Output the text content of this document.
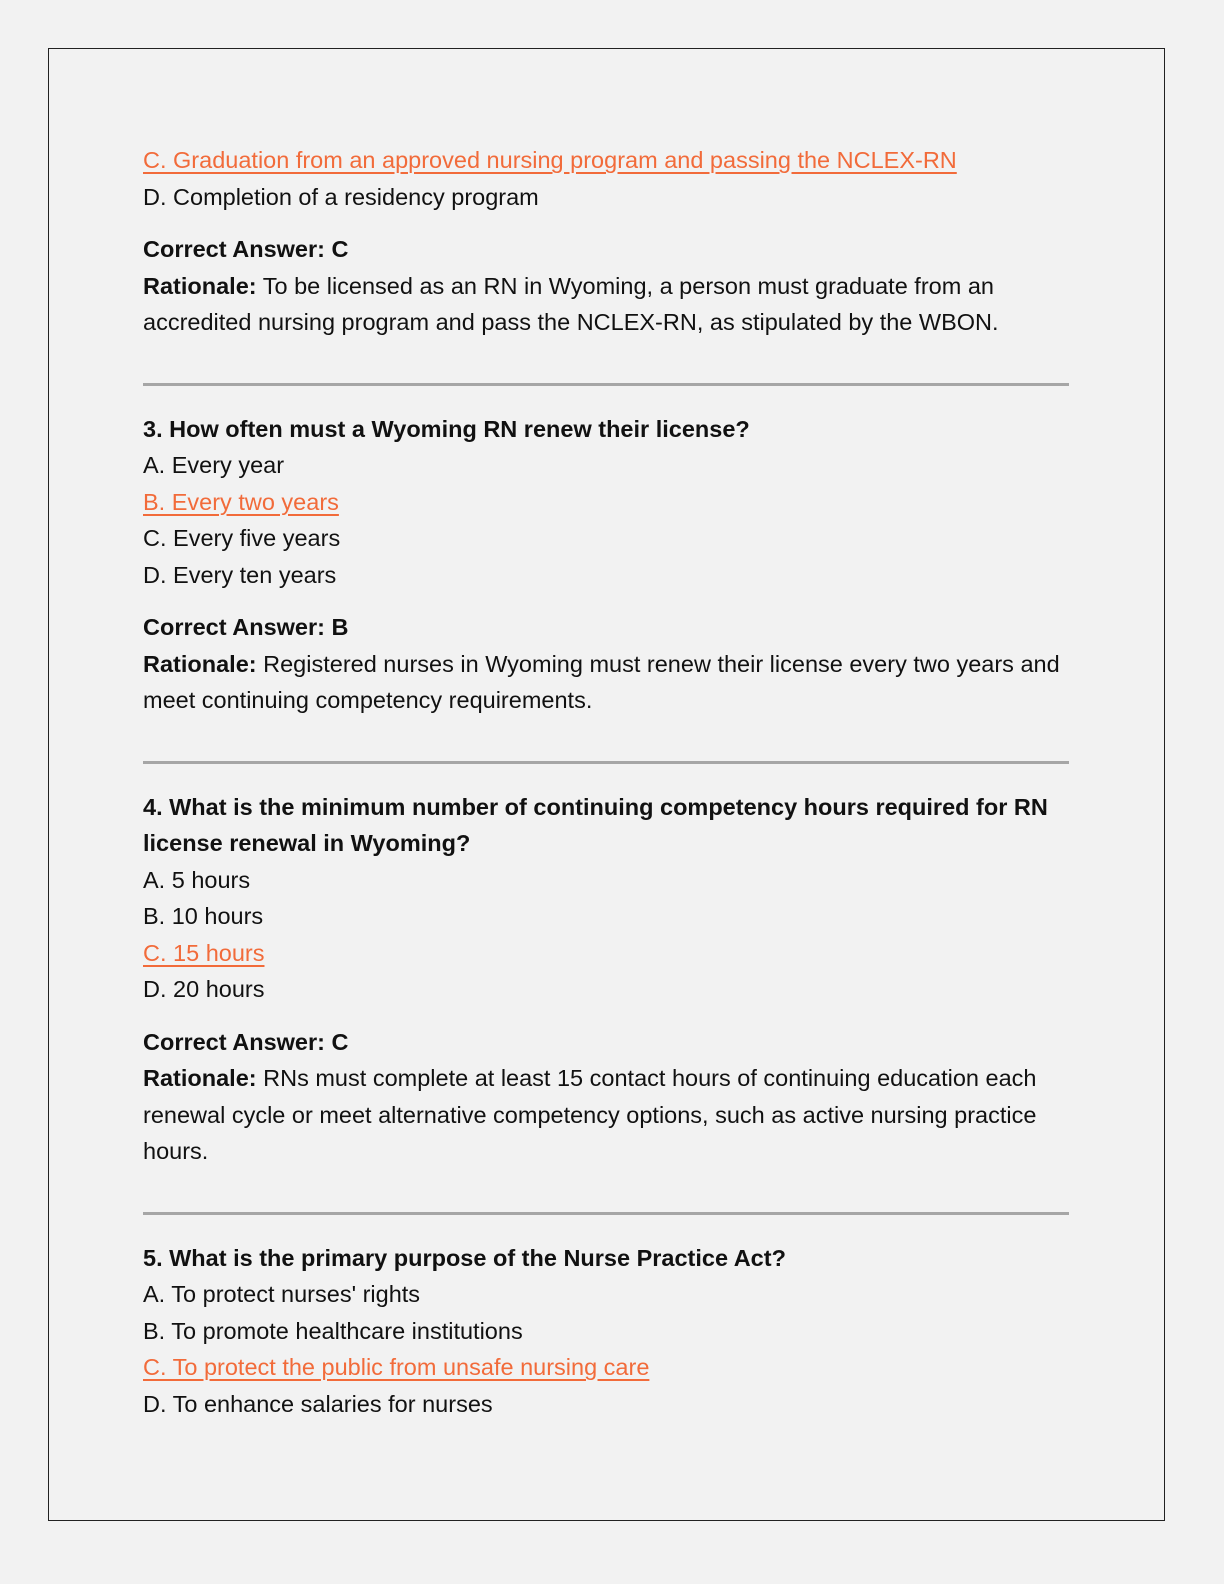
C. Graduation from an approved nursing program and passing the NCLEX-RN
D. Completion of a residency program
Correct Answer: C
Rationale: To be licensed as an RN in Wyoming, a person must graduate from an accredited nursing program and pass the NCLEX-RN, as stipulated by the WBON.
3. How often must a Wyoming RN renew their license?
A. Every year
B. Every two years
C. Every five years
D. Every ten years
Correct Answer: B
Rationale: Registered nurses in Wyoming must renew their license every two years and meet continuing competency requirements.
4. What is the minimum number of continuing competency hours required for RN license renewal in Wyoming?
A. 5 hours
B. 10 hours
C. 15 hours
D. 20 hours
Correct Answer: C
Rationale: RNs must complete at least 15 contact hours of continuing education each renewal cycle or meet alternative competency options, such as active nursing practice hours.
5. What is the primary purpose of the Nurse Practice Act?
A. To protect nurses' rights
B. To promote healthcare institutions
C. To protect the public from unsafe nursing care
D. To enhance salaries for nurses
